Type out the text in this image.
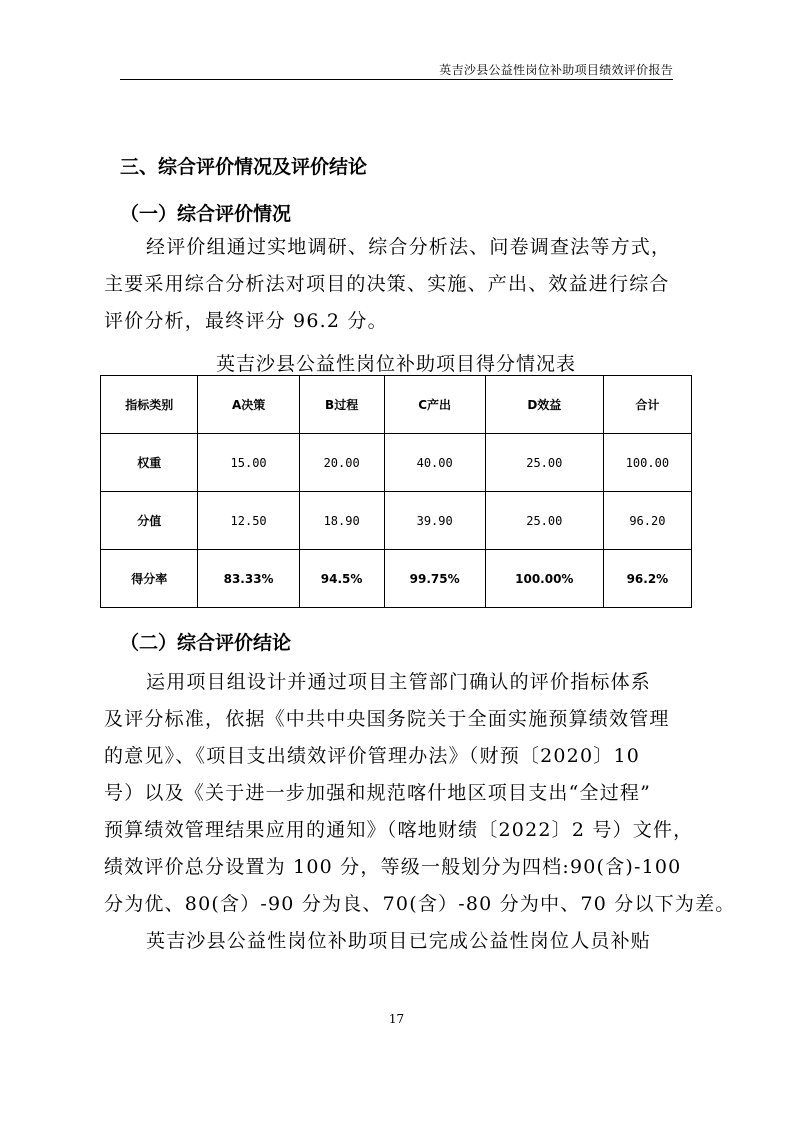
英吉沙县公益性岗位补助项目绩效评价报告
三、综合评价情况及评价结论
（一）综合评价情况
经评价组通过实地调研、综合分析法、问卷调查法等方式，
主要采用综合分析法对项目的决策、实施、产出、效益进行综合
评价分析，最终评分 96.2 分。
英吉沙县公益性岗位补助项目得分情况表
指标类别	A决策	B过程	C产出	D效益	合计
权重	15.00	20.00	40.00	25.00	100.00
分值	12.50	18.90	39.90	25.00	96.20
得分率	83.33%	94.5%	99.75%	100.00%	96.2%
（二）综合评价结论
运用项目组设计并通过项目主管部门确认的评价指标体系
及评分标准，依据《中共中央国务院关于全面实施预算绩效管理
的意见》、《项目支出绩效评价管理办法》（财预〔2020〕10
号）以及《关于进一步加强和规范喀什地区项目支出“全过程”
预算绩效管理结果应用的通知》（喀地财绩〔2022〕2 号）文件，
绩效评价总分设置为 100 分，等级一般划分为四档:90(含)-100
分为优、80(含）-90 分为良、70(含）-80 分为中、70 分以下为差。
英吉沙县公益性岗位补助项目已完成公益性岗位人员补贴
17
